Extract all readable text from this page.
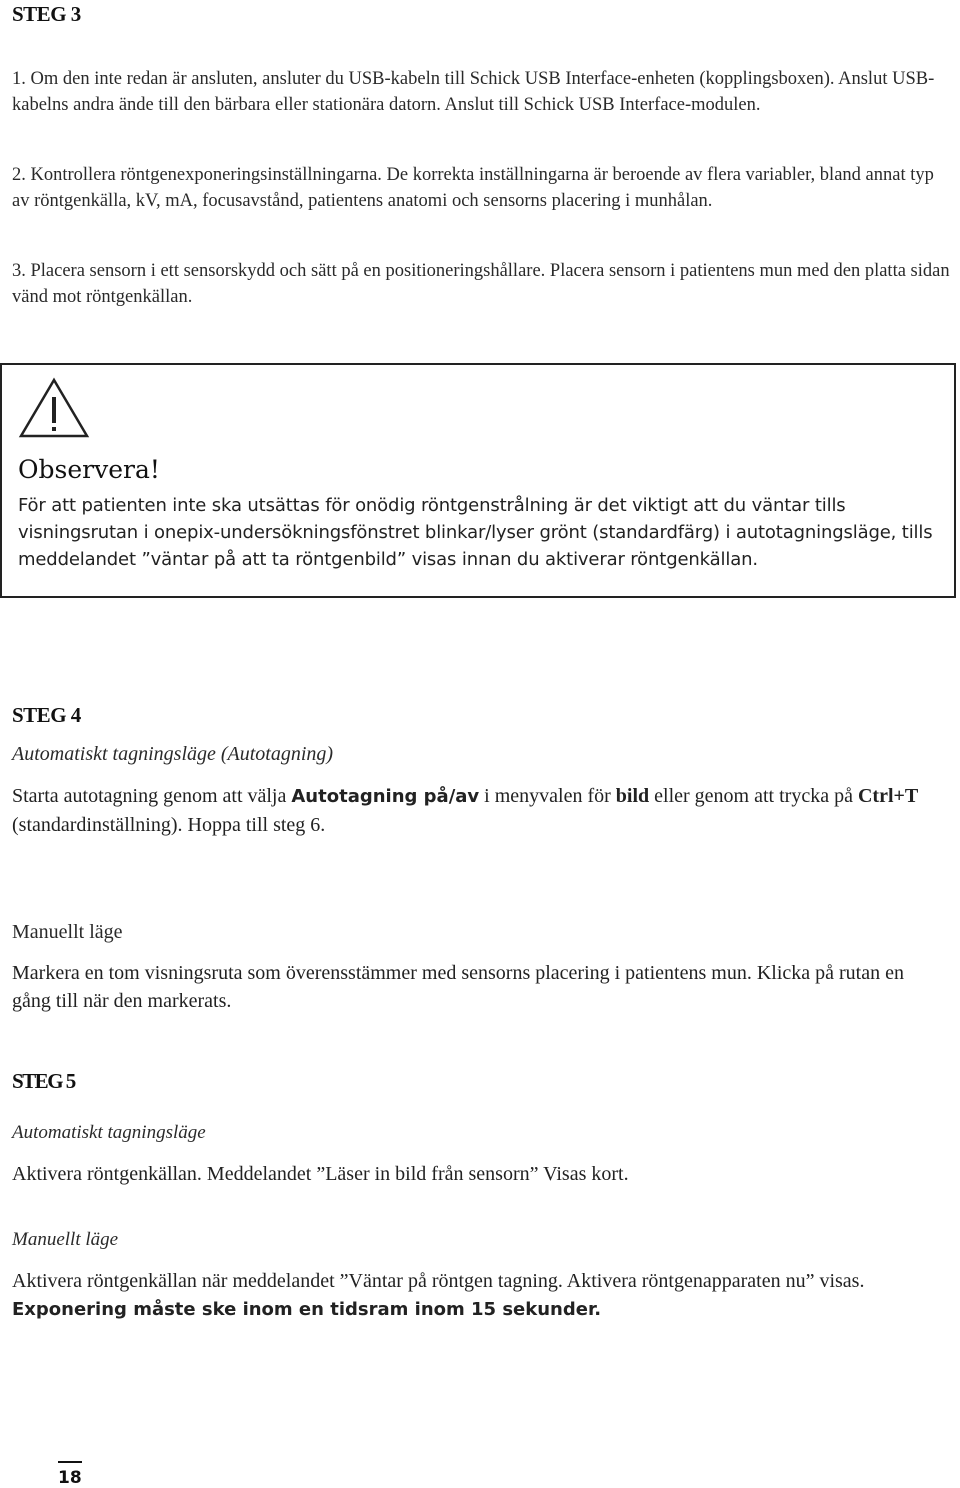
STEG 3

1. Om den inte redan är ansluten, ansluter du USB-kabeln till Schick USB Interface-enheten (kopplingsboxen). Anslut USB-kabelns andra ände till den bärbara eller stationära datorn. Anslut till Schick USB Interface-modulen.

2. Kontrollera röntgenexponeringsinställningarna. De korrekta inställningarna är beroende av flera variabler, bland annat typ av röntgenkälla, kV, mA, focusavstånd, patientens anatomi och sensorns placering i munhålan.

3. Placera sensorn i ett sensorskydd och sätt på en positioneringshållare. Placera sensorn i patientens mun med den platta sidan vänd mot röntgenkällan.

Observera!
För att patienten inte ska utsättas för onödig röntgenstrålning är det viktigt att du väntar tills visningsrutan i onepix-undersökningsfönstret blinkar/lyser grönt (standardfärg) i autotagningsläge, tills meddelandet ”väntar på att ta röntgenbild” visas innan du aktiverar röntgenkällan.
STEG 4
Automatiskt tagningsläge (Autotagning)

Starta autotagning genom att välja Autotagning på/av i menyvalen för bild eller genom att trycka på Ctrl+T (standardinställning). Hoppa till steg 6.

Manuellt läge

Markera en tom visningsruta som överensstämmer med sensorns placering i patientens mun. Klicka på rutan en gång till när den markerats.

STEG 5
Automatiskt tagningsläge

Aktivera röntgenkällan. Meddelandet ”Läser in bild från sensorn” Visas kort.

Manuellt läge

Aktivera röntgenkällan när meddelandet ”Väntar på röntgen tagning. Aktivera röntgenapparaten nu” visas. Exponering måste ske inom en tidsram inom 15 sekunder.

18
